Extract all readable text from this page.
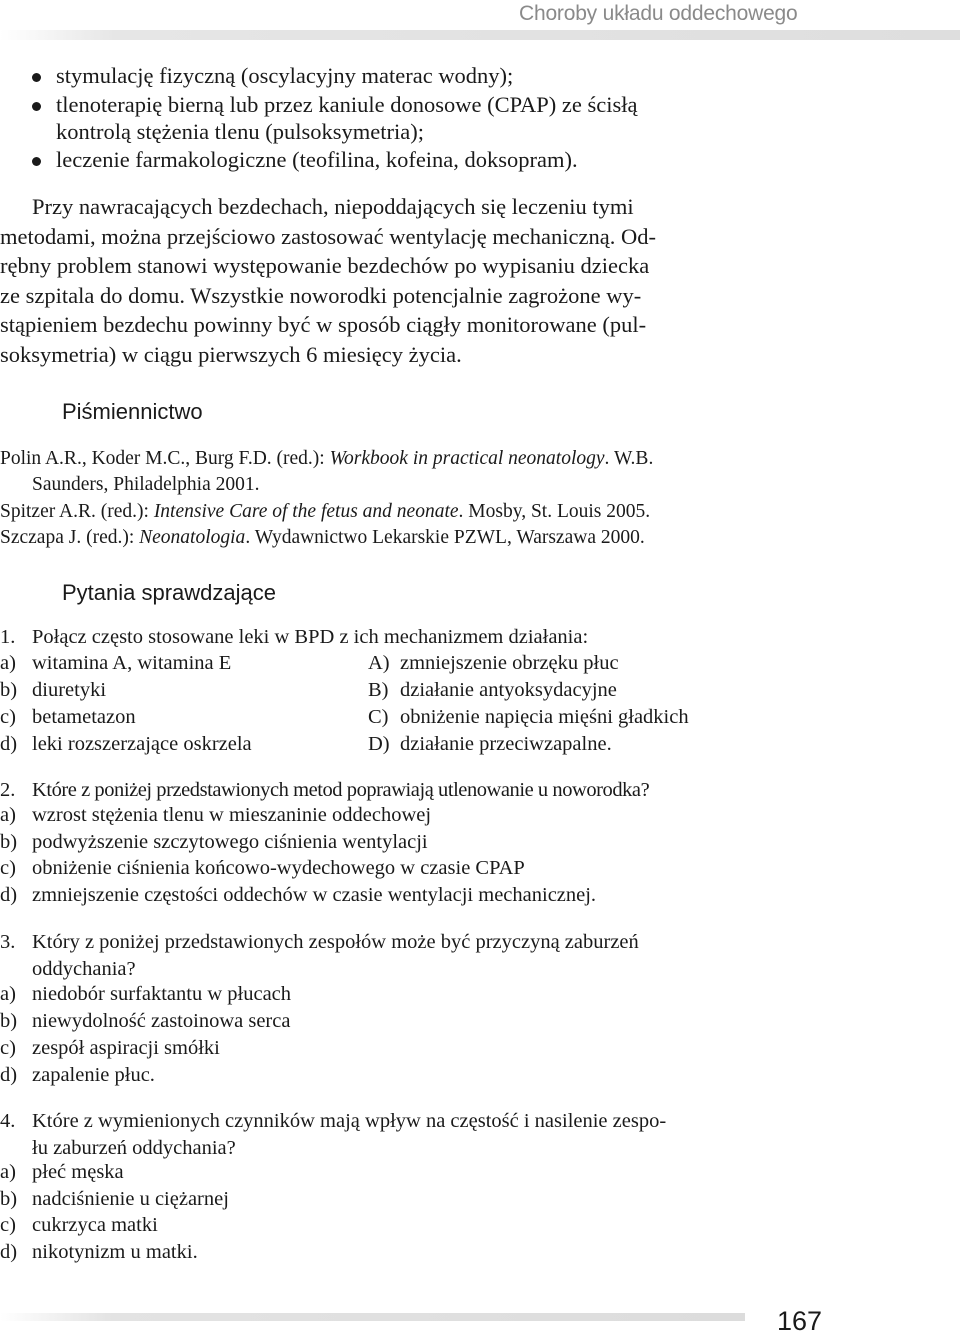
Choroby układu oddechowego
stymulację fizyczną (oscylacyjny materac wodny);
tlenoterapię bierną lub przez kaniule donosowe (CPAP) ze ścisłą
kontrolą stężenia tlenu (pulsoksymetria);
leczenie farmakologiczne (teofilina, kofeina, doksopram).
Przy nawracających bezdechach, niepoddających się leczeniu tymi
metodami, można przejściowo zastosować wentylację mechaniczną. Od-
rębny problem stanowi występowanie bezdechów po wypisaniu dziecka
ze szpitala do domu. Wszystkie noworodki potencjalnie zagrożone wy-
stąpieniem bezdechu powinny być w sposób ciągły monitorowane (pul-
soksymetria) w ciągu pierwszych 6 miesięcy życia.
Piśmiennictwo
Polin A.R., Koder M.C., Burg F.D. (red.): Workbook in practical neonatology. W.B.
Saunders, Philadelphia 2001.
Spitzer A.R. (red.): Intensive Care of the fetus and neonate. Mosby, St. Louis 2005.
Szczapa J. (red.): Neonatologia. Wydawnictwo Lekarskie PZWL, Warszawa 2000.
Pytania sprawdzające
1. Połącz często stosowane leki w BPD z ich mechanizmem działania:
a) witamina A, witamina E	A) zmniejszenie obrzęku płuc
b) diuretyki	B) działanie antyoksydacyjne
c) betametazon	C) obniżenie napięcia mięśni gładkich
d) leki rozszerzające oskrzela	D) działanie przeciwzapalne.
2. Które z poniżej przedstawionych metod poprawiają utlenowanie u noworodka?
a) wzrost stężenia tlenu w mieszaninie oddechowej
b) podwyższenie szczytowego ciśnienia wentylacji
c) obniżenie ciśnienia końcowo-wydechowego w czasie CPAP
d) zmniejszenie częstości oddechów w czasie wentylacji mechanicznej.
3. Który z poniżej przedstawionych zespołów może być przyczyną zaburzeń
oddychania?
a) niedobór surfaktantu w płucach
b) niewydolność zastoinowa serca
c) zespół aspiracji smółki
d) zapalenie płuc.
4. Które z wymienionych czynników mają wpływ na częstość i nasilenie zespo-
łu zaburzeń oddychania?
a) płeć męska
b) nadciśnienie u ciężarnej
c) cukrzyca matki
d) nikotynizm u matki.
167
